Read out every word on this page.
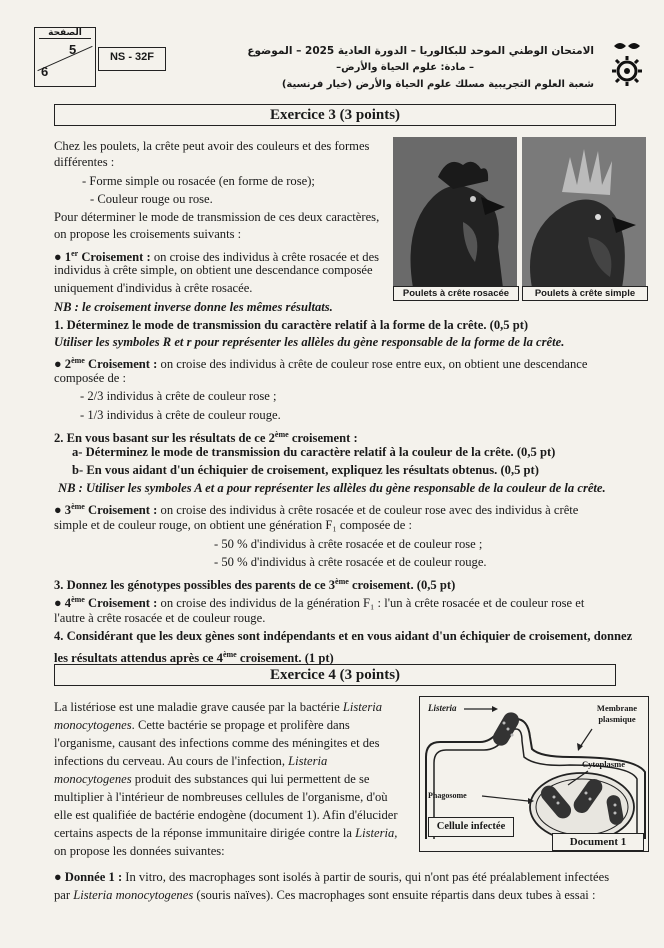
الصفحة
5
6
NS - 32F	الامتحان الوطني الموحد للبكالوريا – الدورة العادية 2025 – الموضوع
– مادة: علوم الحياة والأرض–
شعبة العلوم التجريبية مسلك علوم الحياة والأرض (خيار فرنسية)
Exercice 3 (3 points)
Poulets à crête rosacée	Poulets à crête simple
Chez les poulets, la crête peut avoir des couleurs et des formes
différentes :
- Forme simple ou rosacée (en forme de rose);
- Couleur rouge ou rose.
Pour déterminer le mode de transmission de ces deux caractères,
on propose les croisements suivants :
● 1er Croisement : on croise des individus à crête rosacée et des
individus à crête simple, on obtient une descendance composée
uniquement d'individus à crête rosacée.
NB : le croisement inverse donne les mêmes résultats.
1. Déterminez le mode de transmission du caractère relatif à la forme de la crête. (0,5 pt)
Utiliser les symboles R et r pour représenter les allèles du gène responsable de la forme de la crête.
● 2ème Croisement : on croise des individus à crête de couleur rose entre eux, on obtient une descendance
composée de :
- 2/3 individus à crête de couleur rose ;
- 1/3 individus à crête de couleur rouge.
2. En vous basant sur les résultats de ce 2ème croisement :
a- Déterminez le mode de transmission du caractère relatif à la couleur de la crête. (0,5 pt)
b- En vous aidant d'un échiquier de croisement, expliquez les résultats obtenus. (0,5 pt)
NB : Utiliser les symboles A et a pour représenter les allèles du gène responsable de la couleur de la crête.
● 3ème Croisement : on croise des individus à crête rosacée et de couleur rose avec des individus à crête
simple et de couleur rouge, on obtient une génération F₁ composée de :
- 50 % d'individus à crête rosacée et de couleur rose ;
- 50 % d'individus à crête rosacée et de couleur rouge.
3. Donnez les génotypes possibles des parents de ce 3ème croisement. (0,5 pt)
● 4ème Croisement : on croise des individus de la génération F₁ : l'un à crête rosacée et de couleur rose et
l'autre à crête rosacée et de couleur rouge.
4. Considérant que les deux gènes sont indépendants et en vous aidant d'un échiquier de croisement, donnez
les résultats attendus après ce 4ème croisement. (1 pt)
Exercice 4 (3 points)
La listériose est une maladie grave causée par la bactérie Listeria
monocytogenes. Cette bactérie se propage et prolifère dans
l'organisme, causant des infections comme des méningites et des
infections du cerveau. Au cours de l'infection, Listeria
monocytogenes produit des substances qui lui permettent de se
multiplier à l'intérieur de nombreuses cellules de l'organisme, d'où
elle est qualifiée de bactérie endogène (document 1). Afin d'élucider
certains aspects de la réponse immunitaire dirigée contre la Listeria,
on propose les données suivantes:
● Donnée 1 : In vitro, des macrophages sont isolés à partir de souris, qui n'ont pas été préalablement infectées
par Listeria monocytogenes (souris naïves). Ces macrophages sont ensuite répartis dans deux tubes à essai :
Listeria	Membrane plasmique
Cytoplasme
Phagosome
Cellule infectée
Document 1
